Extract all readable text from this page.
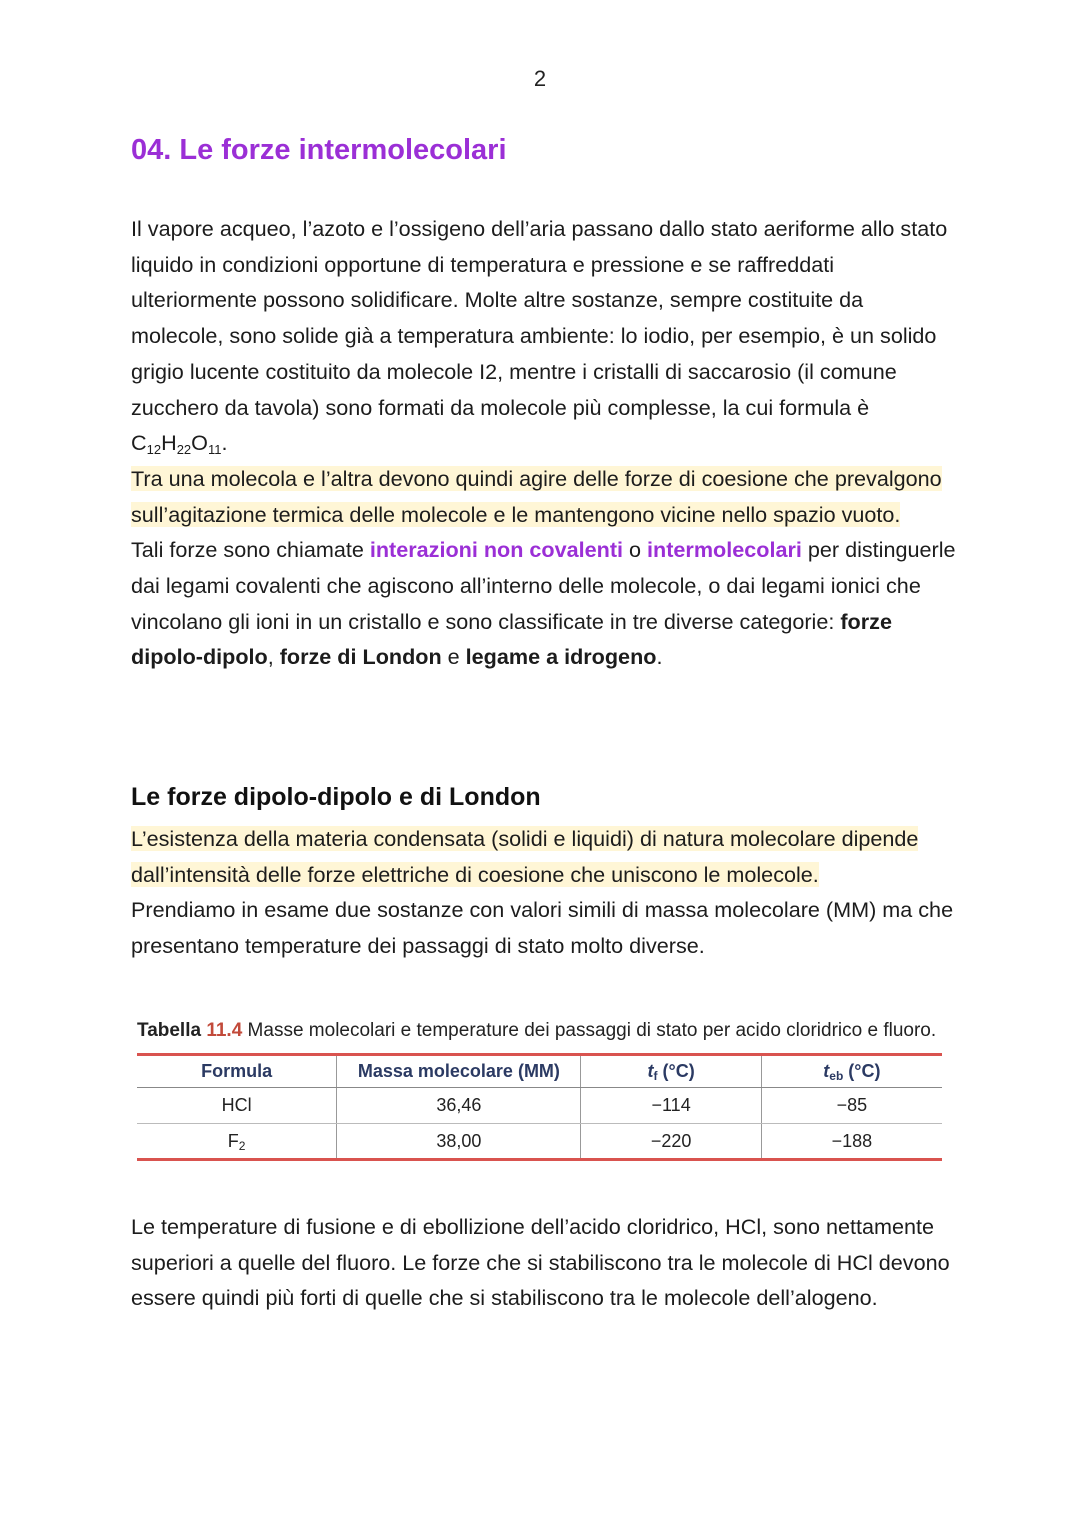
2
04. Le forze intermolecolari
Il vapore acqueo, l’azoto e l’ossigeno dell’aria passano dallo stato aeriforme allo stato liquido in condizioni opportune di temperatura e pressione e se raffreddati ulteriormente possono solidificare. Molte altre sostanze, sempre costituite da molecole, sono solide già a temperatura ambiente: lo iodio, per esempio, è un solido grigio lucente costituito da molecole I2, mentre i cristalli di saccarosio (il comune zucchero da tavola) sono formati da molecole più complesse, la cui formula è $C_{12}H_{22}O_{11}$.
Tra una molecola e l’altra devono quindi agire delle forze di coesione che prevalgono sull’agitazione termica delle molecole e le mantengono vicine nello spazio vuoto.
Tali forze sono chiamate interazioni non covalenti o intermolecolari per distinguerle dai legami covalenti che agiscono all’interno delle molecole, o dai legami ionici che vincolano gli ioni in un cristallo e sono classificate in tre diverse categorie: forze dipolo-dipolo, forze di London e legame a idrogeno.
Le forze dipolo-dipolo e di London
L’esistenza della materia condensata (solidi e liquidi) di natura molecolare dipende dall’intensità delle forze elettriche di coesione che uniscono le molecole.
Prendiamo in esame due sostanze con valori simili di massa molecolare (MM) ma che presentano temperature dei passaggi di stato molto diverse.
Tabella 11.4 Masse molecolari e temperature dei passaggi di stato per acido cloridrico e fluoro.
Formula	Massa molecolare (MM)	tf (°C)	teb (°C)
HCl	36,46	−114	−85
F2	38,00	−220	−188
Le temperature di fusione e di ebollizione dell’acido cloridrico, HCl, sono nettamente superiori a quelle del fluoro. Le forze che si stabiliscono tra le molecole di HCl devono essere quindi più forti di quelle che si stabiliscono tra le molecole dell’alogeno.
